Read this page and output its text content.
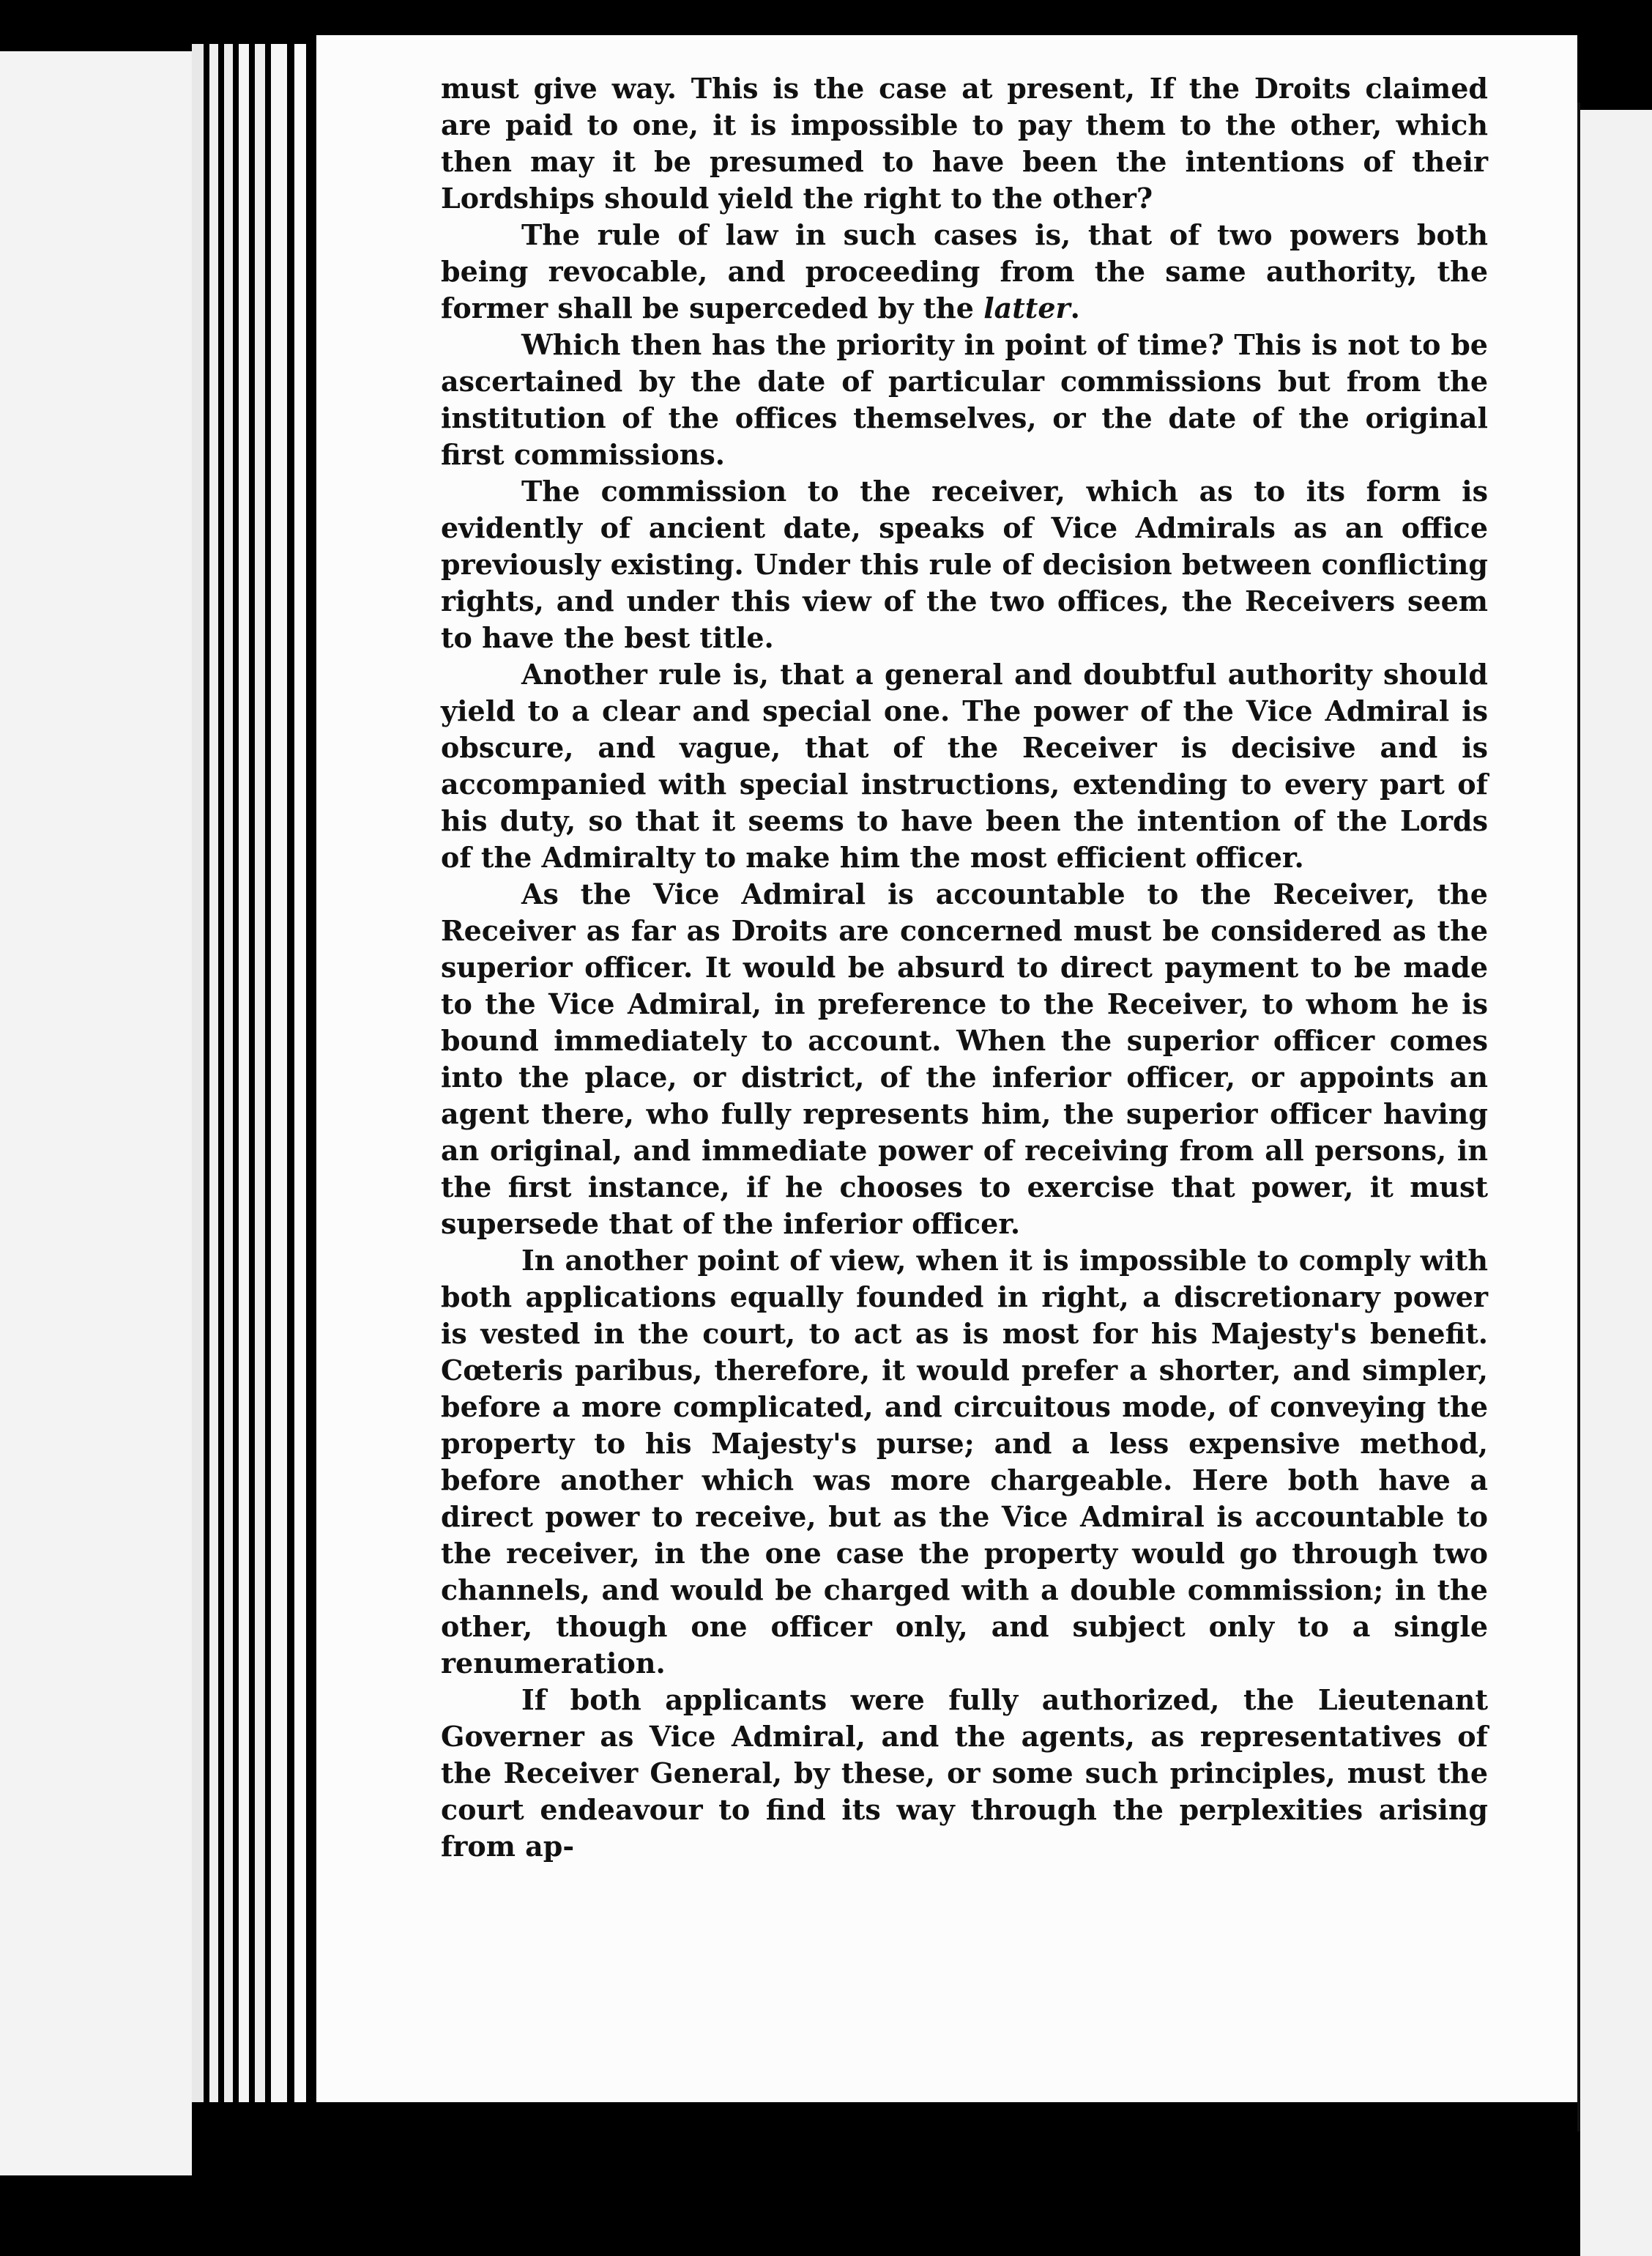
must give way. This is the case at present, If the Droits claimed are paid to one, it is impossible to pay them to the other, which then may it be presumed to have been the intentions of their Lordships should yield the right to the other?

The rule of law in such cases is, that of two powers both being revocable, and proceeding from the same authority, the former shall be superceded by the latter.

Which then has the priority in point of time? This is not to be ascertained by the date of particular commissions but from the institution of the offices themselves, or the date of the original first commissions.

The commission to the receiver, which as to its form is evidently of ancient date, speaks of Vice Admirals as an office previously existing. Under this rule of decision between conflicting rights, and under this view of the two offices, the Receivers seem to have the best title.

Another rule is, that a general and doubtful authority should yield to a clear and special one. The power of the Vice Admiral is obscure, and vague, that of the Receiver is decisive and is accompanied with special instructions, extending to every part of his duty, so that it seems to have been the intention of the Lords of the Admiralty to make him the most efficient officer.

As the Vice Admiral is accountable to the Receiver, the Receiver as far as Droits are concerned must be considered as the superior officer. It would be absurd to direct payment to be made to the Vice Admiral, in preference to the Receiver, to whom he is bound immediately to account. When the superior officer comes into the place, or district, of the inferior officer, or appoints an agent there, who fully represents him, the superior officer having an original, and immediate power of receiving from all persons, in the first instance, if he chooses to exercise that power, it must supersede that of the inferior officer.

In another point of view, when it is impossible to comply with both applications equally founded in right, a discretionary power is vested in the court, to act as is most for his Majesty's benefit. Cœteris paribus, therefore, it would prefer a shorter, and simpler, before a more complicated, and circuitous mode, of conveying the property to his Majesty's purse; and a less expensive method, before another which was more chargeable. Here both have a direct power to receive, but as the Vice Admiral is accountable to the receiver, in the one case the property would go through two channels, and would be charged with a double commission; in the other, though one officer only, and subject only to a single renumeration.

If both applicants were fully authorized, the Lieutenant Governer as Vice Admiral, and the agents, as representatives of the Receiver General, by these, or some such principles, must the court endeavour to find its way through the perplexities arising from ap-
